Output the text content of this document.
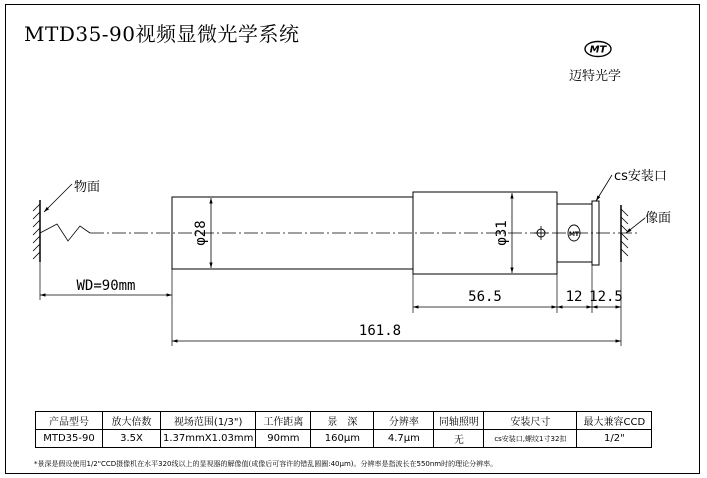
MTD35-90视频显微光学系统
MT
迈特光学
物面
φ28	φ31	MT
cs安装口
像面
WD=90mm
56.5	12 12.5
161.8
产品型号	放大倍数	视场范围(1/3")	工作距离	景　深	分辨率	同轴照明	安装尺寸	最大兼容CCD
MTD35-90	3.5X	1.37mmX1.03mm	90mm	160μm	4.7μm	无	cs安装口,螺纹1寸32扣	1/2"
*景深是假设使用1/2"CCD摄像机在水平320线以上的显视器的解像值(成像后可容许的错乱圆圈:40μm)。分辨率是指波长在550nm时的理论分辨率。
